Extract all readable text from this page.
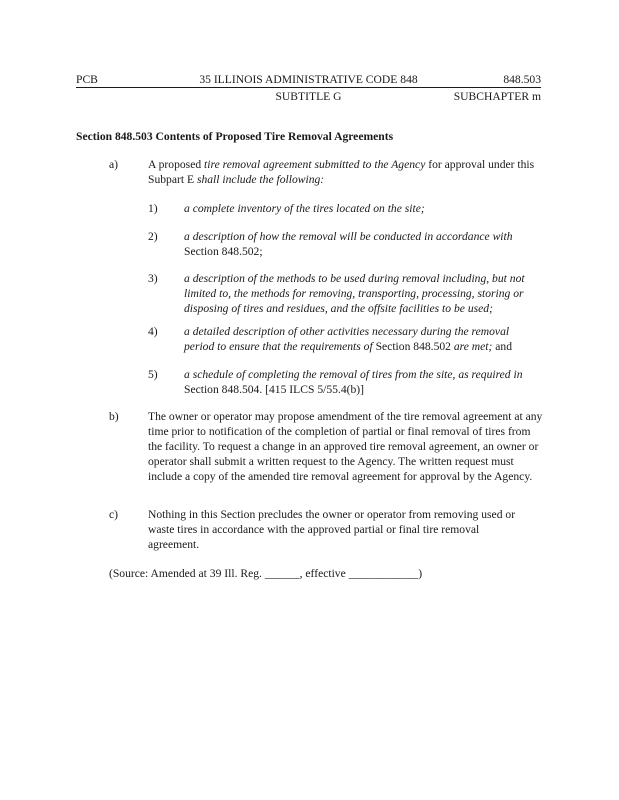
PCB	35 ILLINOIS ADMINISTRATIVE CODE 848	848.503
SUBTITLE G	SUBCHAPTER m
Section 848.503 Contents of Proposed Tire Removal Agreements
a)	A proposed tire removal agreement submitted to the Agency for approval under this Subpart E shall include the following:
1) a complete inventory of the tires located on the site;
2) a description of how the removal will be conducted in accordance with
Section 848.502;
3) a description of the methods to be used during removal including, but not limited to, the methods for removing, transporting, processing, storing or disposing of tires and residues, and the offsite facilities to be used;
4) a detailed description of other activities necessary during the removal period to ensure that the requirements of Section 848.502 are met; and
5) a schedule of completing the removal of tires from the site, as required in
Section 848.504. [415 ILCS 5/55.4(b)]
b)	The owner or operator may propose amendment of the tire removal agreement at any time prior to notification of the completion of partial or final removal of tires from the facility. To request a change in an approved tire removal agreement, an owner or operator shall submit a written request to the Agency. The written request must include a copy of the amended tire removal agreement for approval by the Agency.
c)	Nothing in this Section precludes the owner or operator from removing used or waste tires in accordance with the approved partial or final tire removal agreement.
(Source: Amended at 39 Ill. Reg. ______, effective ____________)
